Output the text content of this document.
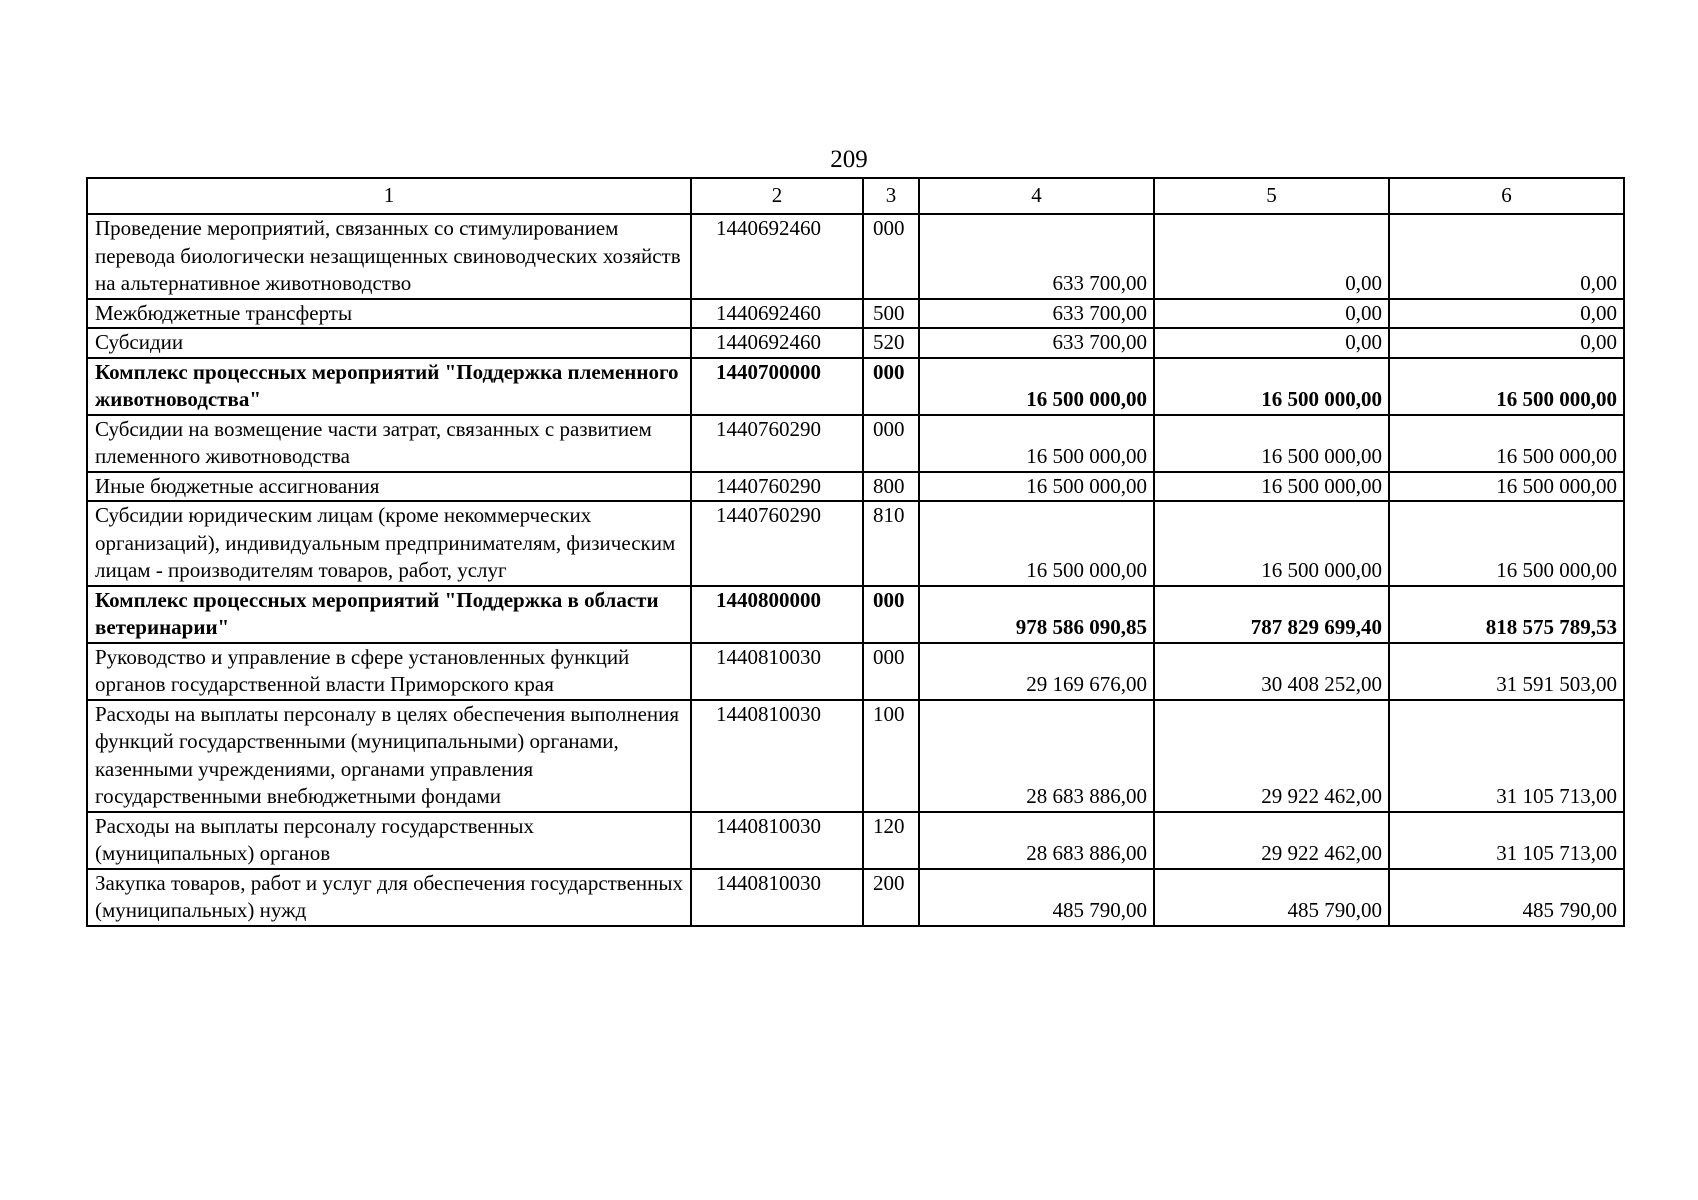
209
1	2	3	4	5	6
Проведение мероприятий, связанных со стимулированием перевода биологически незащищенных свиноводческих хозяйств на альтернативное животноводство	1440692460	000	633 700,00	0,00	0,00
Межбюджетные трансферты	1440692460	500	633 700,00	0,00	0,00
Субсидии	1440692460	520	633 700,00	0,00	0,00
Комплекс процессных мероприятий "Поддержка племенного животноводства"	1440700000	000	16 500 000,00	16 500 000,00	16 500 000,00
Субсидии на возмещение части затрат, связанных с развитием племенного животноводства	1440760290	000	16 500 000,00	16 500 000,00	16 500 000,00
Иные бюджетные ассигнования	1440760290	800	16 500 000,00	16 500 000,00	16 500 000,00
Субсидии юридическим лицам (кроме некоммерческих организаций), индивидуальным предпринимателям, физическим лицам - производителям товаров, работ, услуг	1440760290	810	16 500 000,00	16 500 000,00	16 500 000,00
Комплекс процессных мероприятий "Поддержка в области ветеринарии"	1440800000	000	978 586 090,85	787 829 699,40	818 575 789,53
Руководство и управление в сфере установленных функций органов государственной власти Приморского края	1440810030	000	29 169 676,00	30 408 252,00	31 591 503,00
Расходы на выплаты персоналу в целях обеспечения выполнения функций государственными (муниципальными) органами, казенными учреждениями, органами управления государственными внебюджетными фондами	1440810030	100	28 683 886,00	29 922 462,00	31 105 713,00
Расходы на выплаты персоналу государственных (муниципальных) органов	1440810030	120	28 683 886,00	29 922 462,00	31 105 713,00
Закупка товаров, работ и услуг для обеспечения государственных (муниципальных) нужд	1440810030	200	485 790,00	485 790,00	485 790,00
